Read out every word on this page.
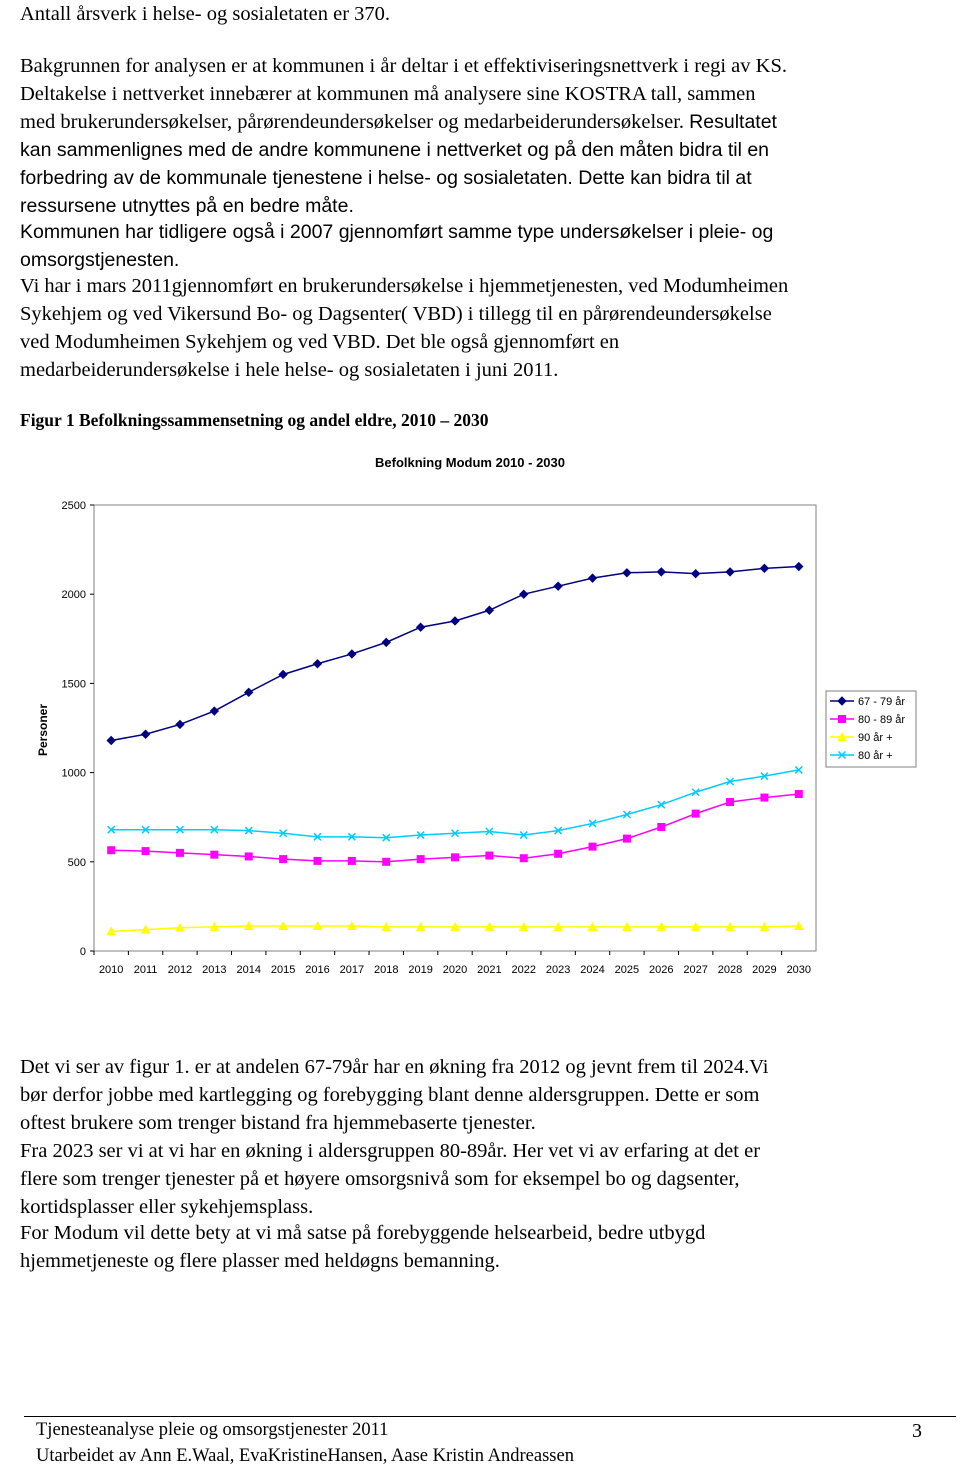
Antall årsverk i helse- og sosialetaten er 370.
Bakgrunnen for analysen er at kommunen i år deltar i et effektiviseringsnettverk i regi av KS.
Deltakelse i nettverket innebærer at kommunen må analysere sine KOSTRA tall, sammen
med brukerundersøkelser, pårørendeundersøkelser og medarbeiderundersøkelser. Resultatet
kan sammenlignes med de andre kommunene i nettverket og på den måten bidra til en
forbedring av de kommunale tjenestene i helse- og sosialetaten. Dette kan bidra til at
ressursene utnyttes på en bedre måte.
Kommunen har tidligere også i 2007 gjennomført samme type undersøkelser i pleie- og
omsorgstjenesten.
Vi har i mars 2011gjennomført en brukerundersøkelse i hjemmetjenesten, ved Modumheimen
Sykehjem og ved Vikersund Bo- og Dagsenter( VBD) i tillegg til en pårørendeundersøkelse
ved Modumheimen Sykehjem og ved VBD. Det ble også gjennomført en
medarbeiderundersøkelse i hele helse- og sosialetaten i juni 2011.
Figur 1 Befolkningssammensetning og andel eldre, 2010 – 2030
Befolkning Modum 2010 - 2030
Personer
0
500
1000
1500
2000
2500
2010 2011 2012 2013 2014 2015 2016 2017 2018 2019 2020 2021 2022 2023 2024 2025 2026 2027 2028 2029 2030
67 - 79 år
80 - 89 år
90 år +
80 år +
Det vi ser av figur 1. er at andelen 67-79år har en økning fra 2012 og jevnt frem til 2024.Vi
bør derfor jobbe med kartlegging og forebygging blant denne aldersgruppen. Dette er som
oftest brukere som trenger bistand fra hjemmebaserte tjenester.
Fra 2023 ser vi at vi har en økning i aldersgruppen 80-89år. Her vet vi av erfaring at det er
flere som trenger tjenester på et høyere omsorgsnivå som for eksempel bo og dagsenter,
kortidsplasser eller sykehjemsplass.
For Modum vil dette bety at vi må satse på forebyggende helsearbeid, bedre utbygd
hjemmetjeneste og flere plasser med heldøgns bemanning.
Tjenesteanalyse pleie og omsorgstjenester 2011
Utarbeidet av Ann E.Waal, EvaKristineHansen, Aase Kristin Andreassen
3
